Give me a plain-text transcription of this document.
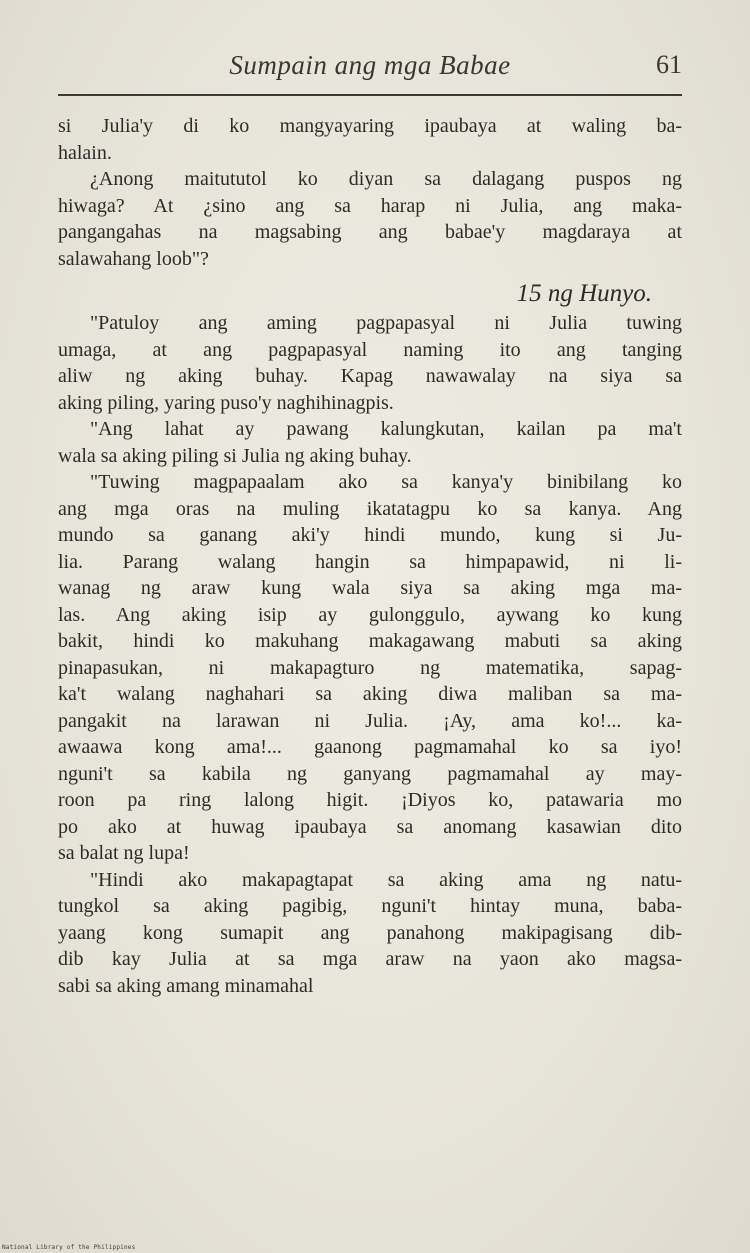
Sumpain ang mga Babae	61
si Julia'y di ko mangyayaring ipaubaya at waling ba-
halain.
¿Anong maitututol ko diyan sa dalagang puspos ng
hiwaga? At ¿sino ang sa harap ni Julia, ang maka-
pangangahas na magsabing ang babae'y magdaraya at
salawahang loob"?
15 ng Hunyo.
"Patuloy ang aming pagpapasyal ni Julia tuwing
umaga, at ang pagpapasyal naming ito ang tanging
aliw ng aking buhay. Kapag nawawalay na siya sa
aking piling, yaring puso'y naghihinagpis.
"Ang lahat ay pawang kalungkutan, kailan pa ma't
wala sa aking piling si Julia ng aking buhay.
"Tuwing magpapaalam ako sa kanya'y binibilang ko
ang mga oras na muling ikatatagpu ko sa kanya. Ang
mundo sa ganang aki'y hindi mundo, kung si Ju-
lia. Parang walang hangin sa himpapawid, ni li-
wanag ng araw kung wala siya sa aking mga ma-
las. Ang aking isip ay gulonggulo, aywang ko kung
bakit, hindi ko makuhang makagawang mabuti sa aking
pinapasukan, ni makapagturo ng matematika, sapag-
ka't walang naghahari sa aking diwa maliban sa ma-
pangakit na larawan ni Julia. ¡Ay, ama ko!... ka-
awaawa kong ama!... gaanong pagmamahal ko sa iyo!
nguni't sa kabila ng ganyang pagmamahal ay may-
roon pa ring lalong higit. ¡Diyos ko, patawaria mo
po ako at huwag ipaubaya sa anomang kasawian dito
sa balat ng lupa!
"Hindi ako makapagtapat sa aking ama ng natu-
tungkol sa aking pagibig, nguni't hintay muna, baba-
yaang kong sumapit ang panahong makipagisang dib-
dib kay Julia at sa mga araw na yaon ako magsa-
sabi sa aking amang minamahal
National Library of the Philippines
